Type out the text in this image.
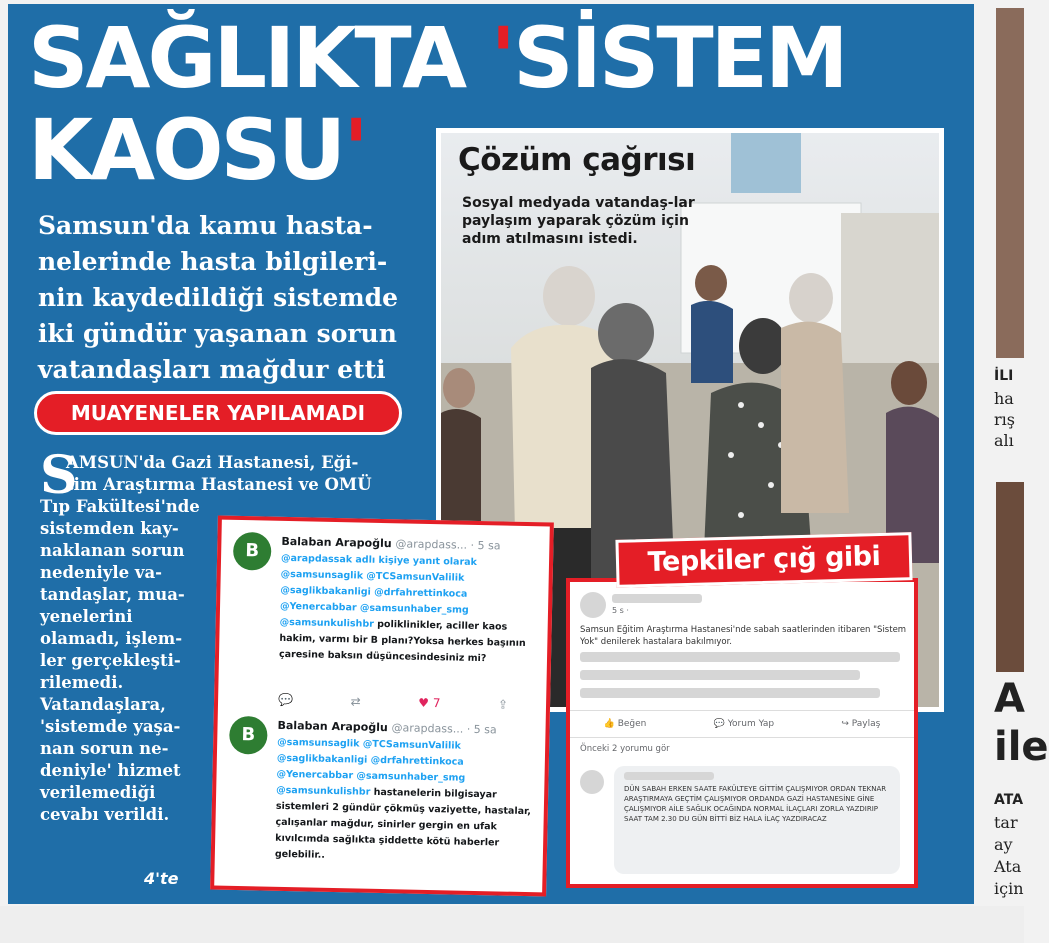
SAĞLIKTA 'SİSTEM
KAOSU'
Samsun'da kamu hasta-nelerinde hasta bilgileri-nin kaydedildiği sistemde iki gündür yaşanan sorun vatandaşları mağdur etti
MUAYENELER YAPILAMADI
S
AMSUN'da Gazi Hastanesi, Eği-
tim Araştırma Hastanesi ve OMÜ
Tıp Fakültesi'nde
sistemden kay-
naklanan sorun
nedeniyle va-
tandaşlar, mua-
yenelerini
olamadı, işlem-
ler gerçekleşti-
rilemedi.
Vatandaşlara,
'sistemde yaşa-
nan sorun ne-
deniyle' hizmet
verilemediği
cevabı verildi.
4'te
Çözüm çağrısı
Sosyal medyada vatandaş-lar paylaşım yaparak çözüm için adım atılmasını istedi.
B	Balaban Arapoğlu @arapdass... · 5 sa
@arapdassak adlı kişiye yanıt olarak @samsunsaglik @TCSamsunValilik @saglikbakanligi @drfahrettinkoca @Yenercabbar @samsunhaber_smg @samsunkulishbr poliklinikler, aciller kaos hakim, varmı bir B planı?Yoksa herkes başının çaresine baksın düşüncesindesiniz mi?
💬	⇄	♥ 7	⇪
B	Balaban Arapoğlu @arapdass... · 5 sa
@samsunsaglik @TCSamsunValilik @saglikbakanligi @drfahrettinkoca @Yenercabbar @samsunhaber_smg @samsunkulishbr hastanelerin bilgisayar sistemleri 2 gündür çökmüş vaziyette, hastalar, çalışanlar mağdur, sinirler gergin en ufak kıvılcımda sağlıkta şiddette kötü haberler gelebilir..
5 s ·
Samsun Eğitim Araştırma Hastanesi'nde sabah saatlerinden itibaren "Sistem Yok" denilerek hastalara bakılmıyor.
👍 Beğen	💬 Yorum Yap	↪ Paylaş
Önceki 2 yorumu gör
DÜN SABAH ERKEN SAATE FAKÜLTEYE GİTTİM ÇALIŞMIYOR ORDAN TEKNAR ARAŞTIRMAYA GEÇTİM ÇALIŞMIYOR ORDANDA GAZİ HASTANESİNE GİNE ÇALIŞMIYOR AİLE SAĞLIK OCAĞINDA NORMAL İLAÇLARI ZORLA YAZDIRIP SAAT TAM 2.30 DU GÜN BİTTİ BİZ HALA İLAÇ YAZDIRACAZ
Tepkiler çığ gibi
İLI
ha
rış
alı
A
ile
ATA
tar
ay
Ata
için
